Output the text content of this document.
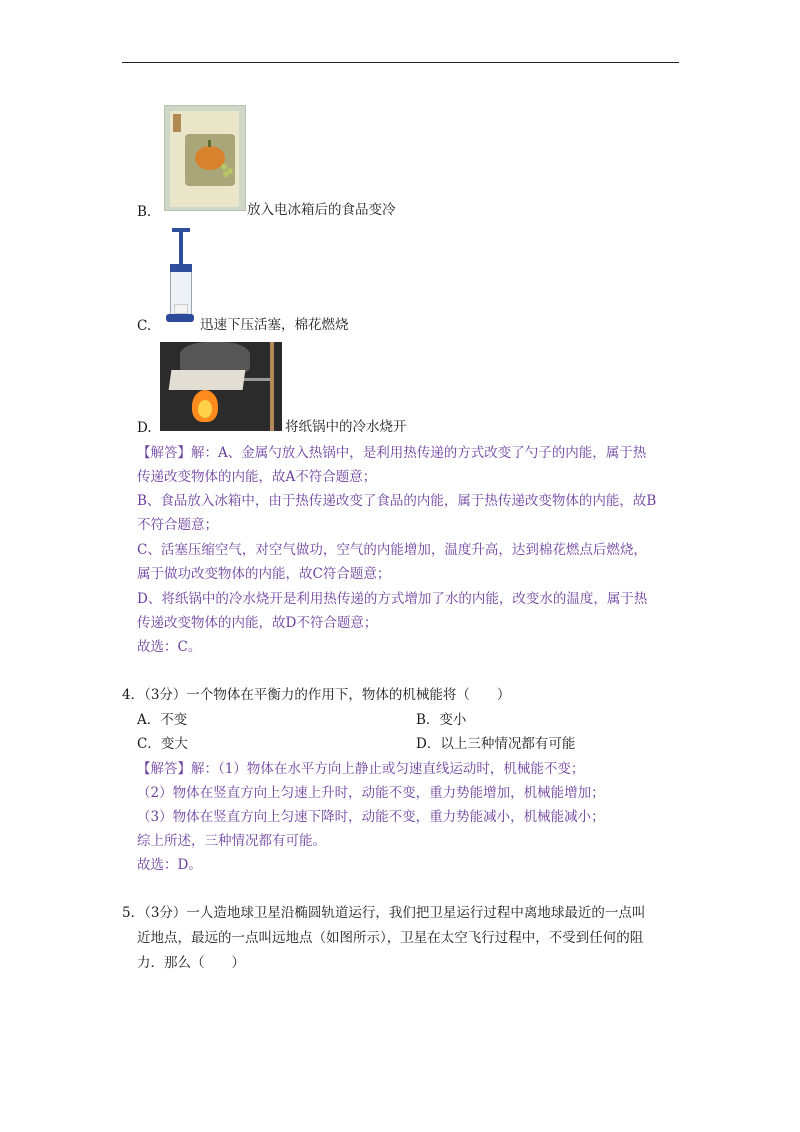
B.	放入电冰箱后的食品变冷
C.	迅速下压活塞，棉花燃烧
D.	将纸锅中的冷水烧开
【解答】解：A、金属勺放入热锅中，是利用热传递的方式改变了勺子的内能，属于热
传递改变物体的内能，故A不符合题意；
B、食品放入冰箱中，由于热传递改变了食品的内能，属于热传递改变物体的内能，故B
不符合题意；
C、活塞压缩空气，对空气做功，空气的内能增加，温度升高，达到棉花燃点后燃烧，
属于做功改变物体的内能，故C符合题意；
D、将纸锅中的冷水烧开是利用热传递的方式增加了水的内能，改变水的温度，属于热
传递改变物体的内能，故D不符合题意；
故选：C。
4．（3分）一个物体在平衡力的作用下，物体的机械能将（　　）
A．不变	B．变小
C．变大	D．以上三种情况都有可能
【解答】解：（1）物体在水平方向上静止或匀速直线运动时，机械能不变；
（2）物体在竖直方向上匀速上升时，动能不变，重力势能增加，机械能增加；
（3）物体在竖直方向上匀速下降时，动能不变，重力势能减小，机械能减小；
综上所述，三种情况都有可能。
故选：D。
5．（3分）一人造地球卫星沿椭圆轨道运行，我们把卫星运行过程中离地球最近的一点叫
近地点，最远的一点叫远地点（如图所示），卫星在太空飞行过程中，不受到任何的阻
力．那么（　　）
